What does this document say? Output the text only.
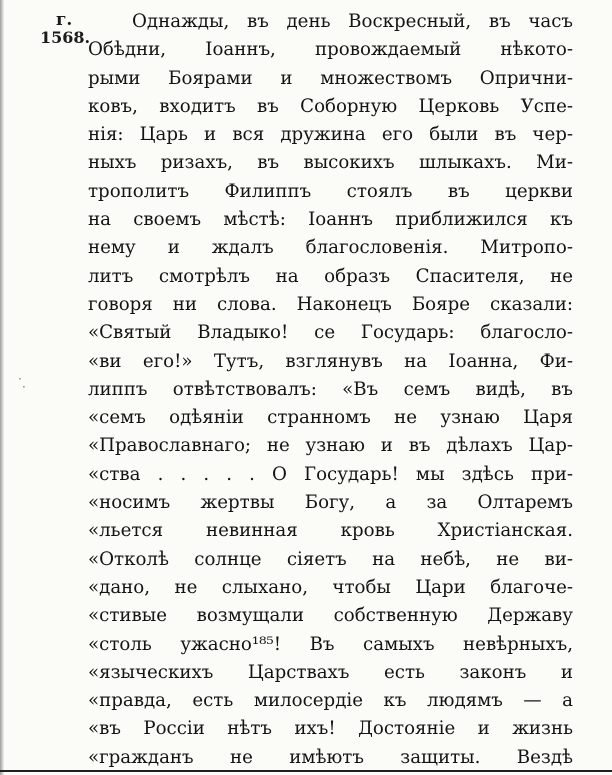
г.
1568.
Однажды, въ день Воскресный, въ часъ
Обѣдни, Іоаннъ, провождаемый нѣкото-
рыми Боярами и множествомъ Опрични-
ковъ, входитъ въ Соборную Церковь Успе-
нія: Царь и вся дружина его были въ чер-
ныхъ ризахъ, въ высокихъ шлыкахъ. Ми-
трополитъ Филиппъ стоялъ въ церкви
на своемъ мѣстѣ: Іоаннъ приближился къ
нему и ждалъ благословенія. Митропо-
литъ смотрѣлъ на образъ Спасителя, не
говоря ни слова. Наконецъ Бояре сказали:
«Святый Владыко! се Государь: благосло-
«ви его!» Тутъ, взглянувъ на Іоанна, Фи-
липпъ отвѣтствовалъ: «Въ семъ видѣ, въ
«семъ одѣяніи странномъ не узнаю Царя
«Православнаго; не узнаю и въ дѣлахъ Цар-
«ства . . . . . О Государь! мы здѣсь при-
«носимъ жертвы Богу, а за Олтаремъ
«льется невинная кровь Христіанская.
«Отколѣ солнце сіяетъ на небѣ, не ви-
«дано, не слыхано, чтобы Цари благоче-
«стивые возмущали собственную Державу
«столь ужасно¹⁸⁵! Въ самыхъ невѣрныхъ,
«языческихъ Царствахъ есть законъ и
«правда, есть милосердіе къ людямъ — а
«въ Россіи нѣтъ ихъ! Достояніе и жизнь
«гражданъ не имѣютъ защиты. Вездѣ
·
·
